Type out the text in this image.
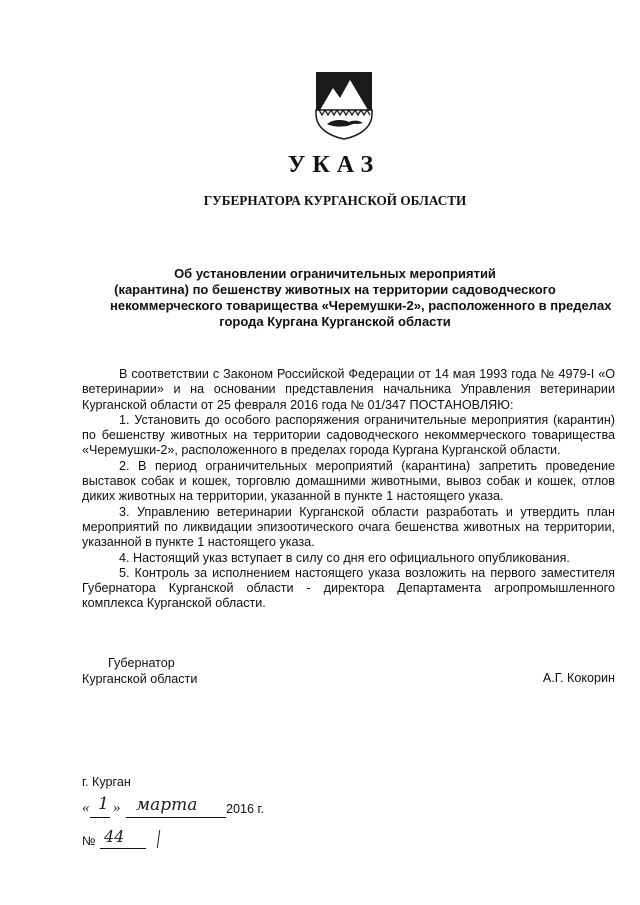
УКАЗ
ГУБЕРНАТОРА КУРГАНСКОЙ ОБЛАСТИ
Об установлении ограничительных мероприятий
(карантина) по бешенству животных на территории садоводческого
некоммерческого товарищества «Черемушки-2», расположенного в пределах
города Кургана Курганской области

В соответствии с Законом Российской Федерации от 14 мая 1993 года № 4979-I «О ветеринарии» и на основании представления начальника Управления ветеринарии Курганской области от 25 февраля 2016 года № 01/347 ПОСТАНОВЛЯЮ:

1. Установить до особого распоряжения ограничительные мероприятия (карантин) по бешенству животных на территории садоводческого некоммерческого товарищества «Черемушки-2», расположенного в пределах города Кургана Курганской области.

2. В период ограничительных мероприятий (карантина) запретить проведение выставок собак и кошек, торговлю домашними животными, вывоз собак и кошек, отлов диких животных на территории, указанной в пункте 1 настоящего указа.

3. Управлению ветеринарии Курганской области разработать и утвердить план мероприятий по ликвидации эпизоотического очага бешенства животных на территории, указанной в пункте 1 настоящего указа.

4. Настоящий указ вступает в силу со дня его официального опубликования.

5. Контроль за исполнением настоящего указа возложить на первого заместителя Губернатора Курганской области - директора Департамента агропромышленного комплекса Курганской области.

Губернатор
Курганской области	А.Г. Кокорин
г. Курган
« 1 » марта 2016 г.
№ 44
